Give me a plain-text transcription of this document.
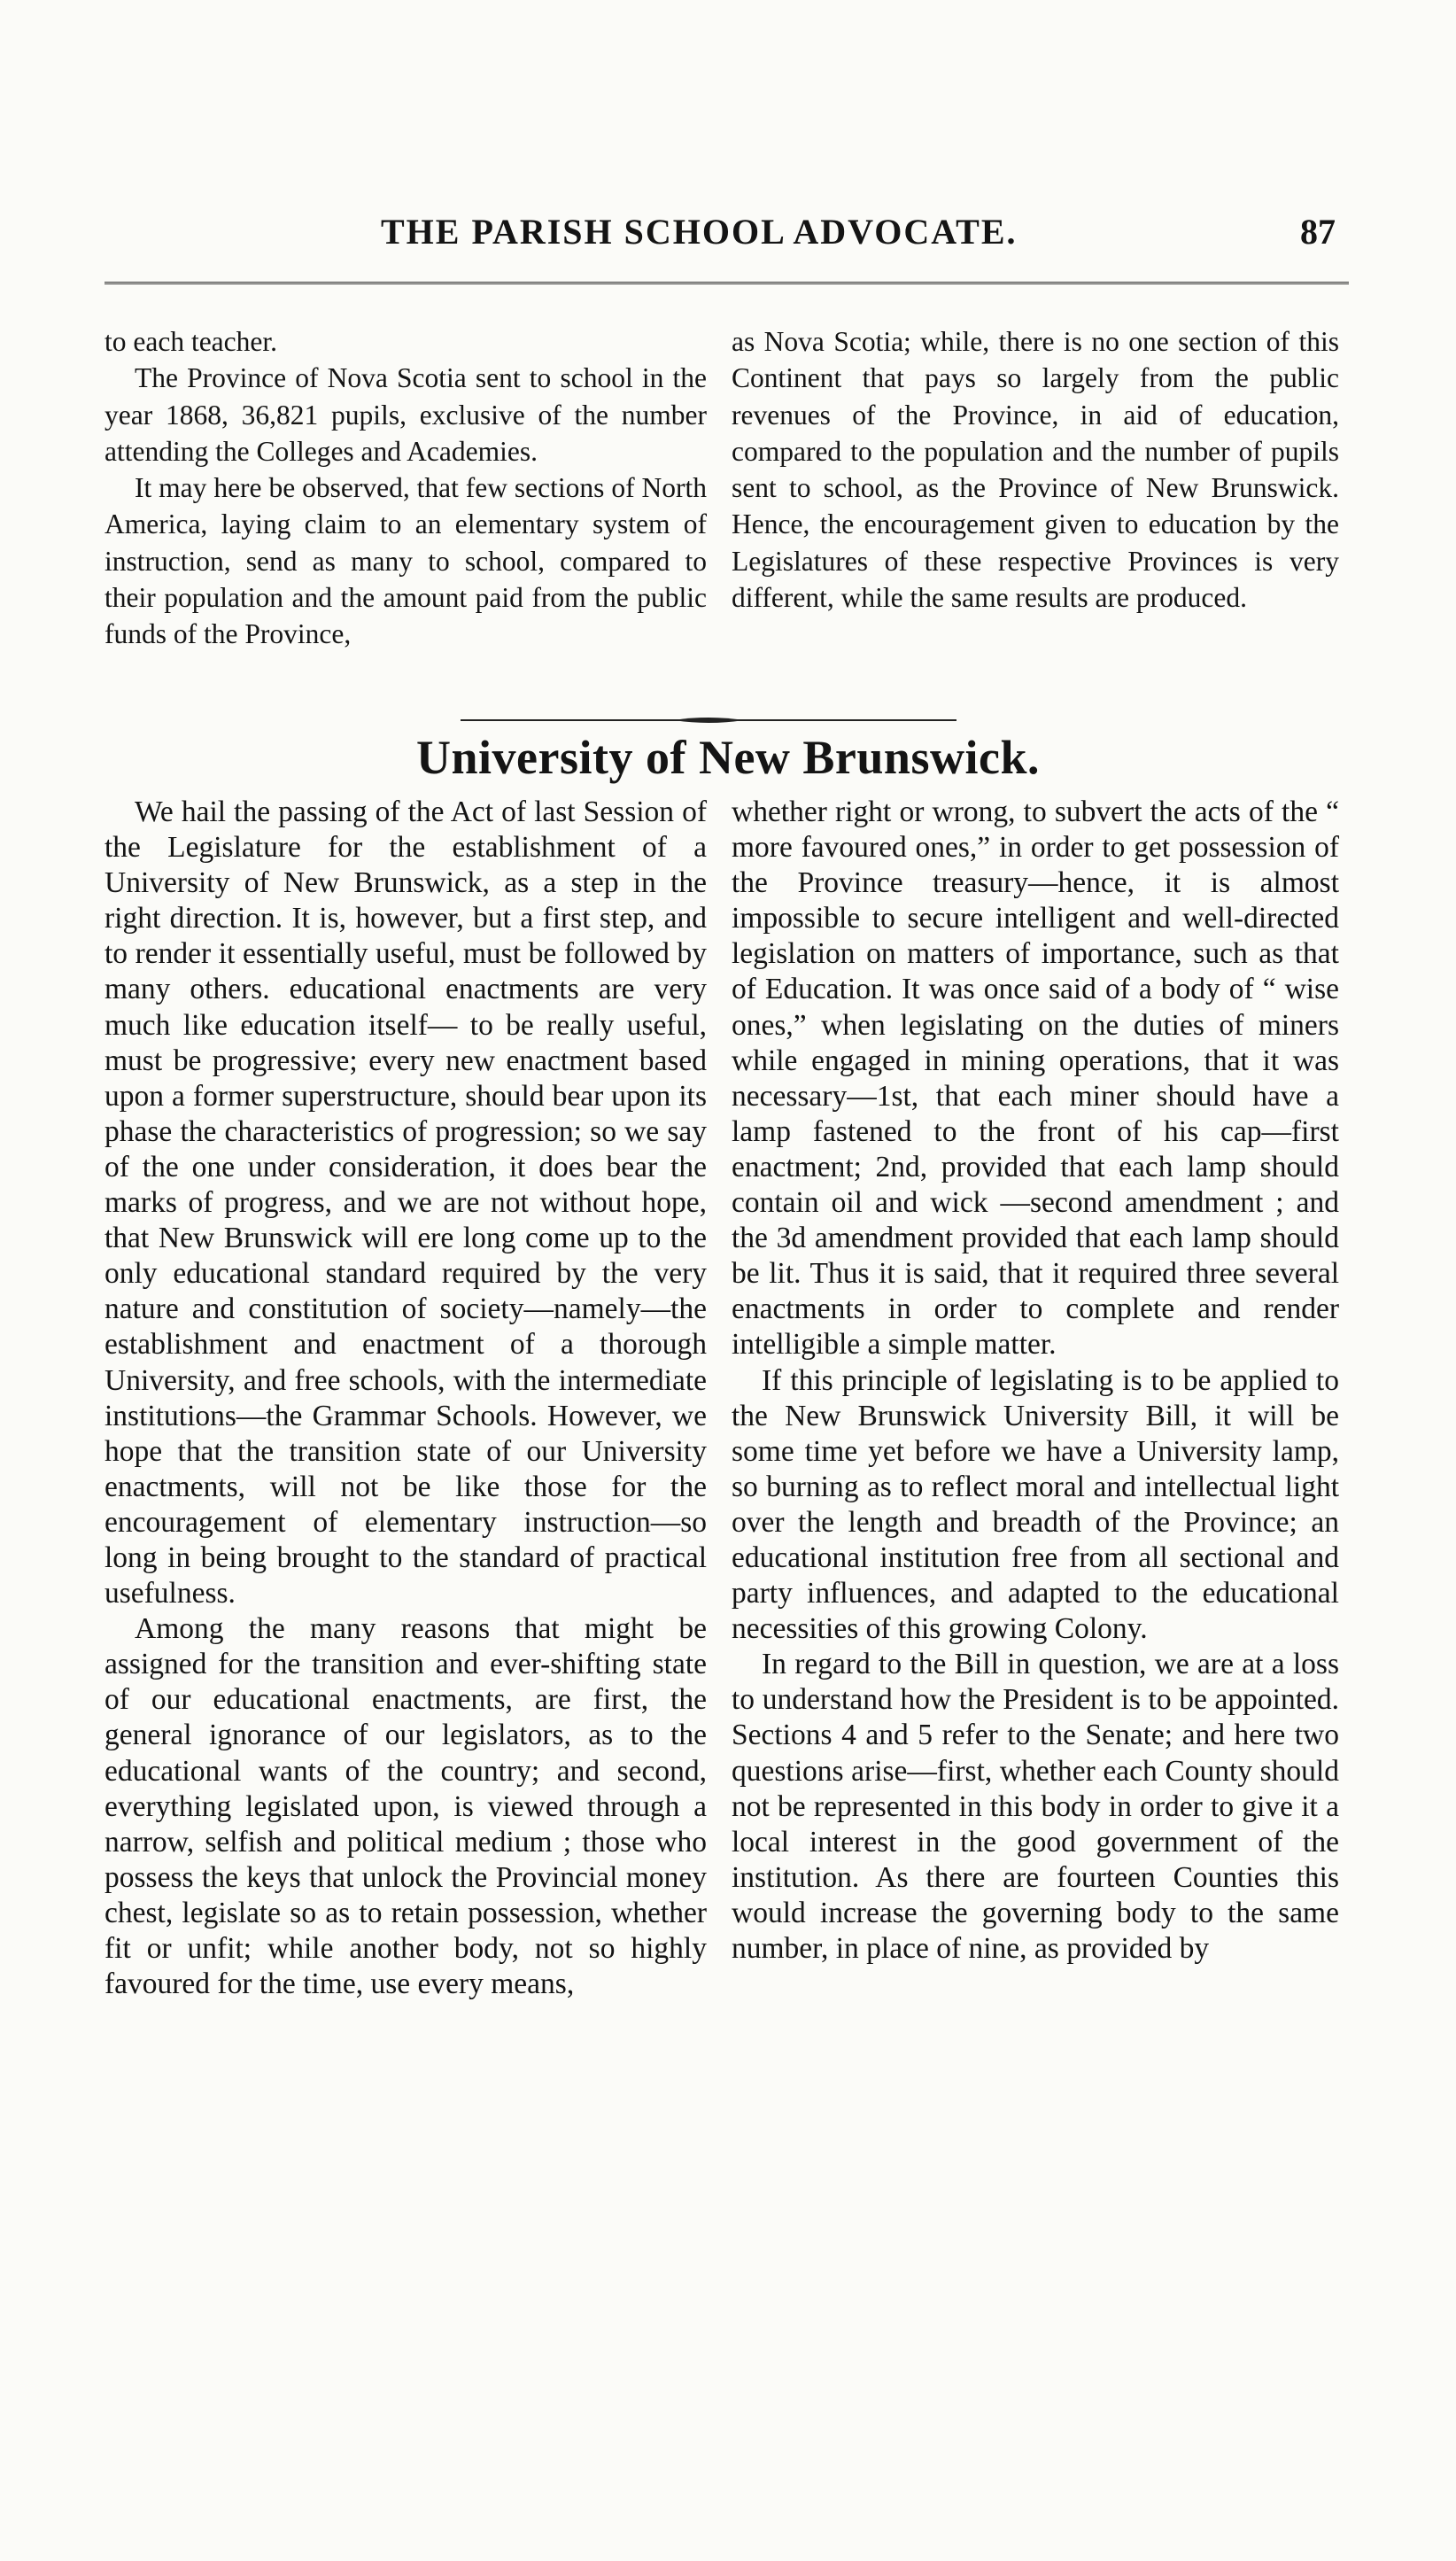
THE PARISH SCHOOL ADVOCATE.	87

to each teacher.

The Province of Nova Scotia sent to school in the year 1868, 36,821 pupils, exclusive of the number attending the Colleges and Academies.

It may here be observed, that few sections of North America, laying claim to an elementary system of instruction, send as many to school, compared to their population and the amount paid from the public funds of the Province,

as Nova Scotia; while, there is no one section of this Continent that pays so largely from the public revenues of the Province, in aid of education, compared to the population and the number of pupils sent to school, as the Province of New Brunswick. Hence, the encouragement given to education by the Legislatures of these respective Provinces is very different, while the same results are produced.

University of New Brunswick.

We hail the passing of the Act of last Session of the Legislature for the establishment of a University of New Brunswick, as a step in the right direction. It is, however, but a first step, and to render it essentially useful, must be followed by many others. educational enactments are very much like education itself— to be really useful, must be progressive; every new enactment based upon a former superstructure, should bear upon its phase the characteristics of progression; so we say of the one under consideration, it does bear the marks of progress, and we are not without hope, that New Brunswick will ere long come up to the only educational standard required by the very nature and constitution of society—namely—the establishment and enactment of a thorough University, and free schools, with the intermediate institutions—the Grammar Schools. However, we hope that the transition state of our University enactments, will not be like those for the encouragement of elementary instruction—so long in being brought to the standard of practical usefulness.

Among the many reasons that might be assigned for the transition and ever-shifting state of our educational enactments, are first, the general ignorance of our legislators, as to the educational wants of the country; and second, everything legislated upon, is viewed through a narrow, selfish and political medium ; those who possess the keys that unlock the Provincial money chest, legislate so as to retain possession, whether fit or unfit; while another body, not so highly favoured for the time, use every means,

whether right or wrong, to subvert the acts of the “ more favoured ones,” in order to get possession of the Province treasury—hence, it is almost impossible to secure intelligent and well-directed legislation on matters of importance, such as that of Education. It was once said of a body of “ wise ones,” when legislating on the duties of miners while engaged in mining operations, that it was necessary—1st, that each miner should have a lamp fastened to the front of his cap—first enactment; 2nd, provided that each lamp should contain oil and wick —second amendment ; and the 3d amendment provided that each lamp should be lit. Thus it is said, that it required three several enactments in order to complete and render intelligible a simple matter.

If this principle of legislating is to be applied to the New Brunswick University Bill, it will be some time yet before we have a University lamp, so burning as to reflect moral and intellectual light over the length and breadth of the Province; an educational institution free from all sectional and party influences, and adapted to the educational necessities of this growing Colony.

In regard to the Bill in question, we are at a loss to understand how the President is to be appointed. Sections 4 and 5 refer to the Senate; and here two questions arise—first, whether each County should not be represented in this body in order to give it a local interest in the good government of the institution. As there are fourteen Counties this would increase the governing body to the same number, in place of nine, as provided by
